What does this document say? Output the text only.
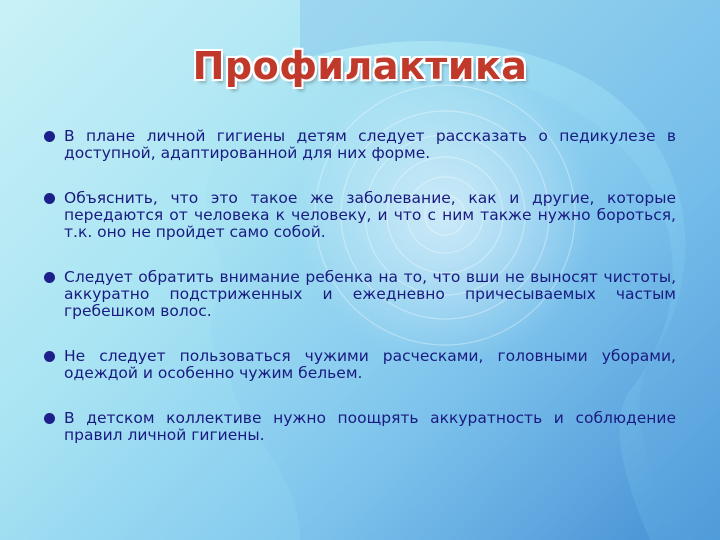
Профилактика
В плане личной гигиены детям следует рассказать о педикулезе в доступной, адаптированной для них форме.
Объяснить, что это такое же заболевание, как и другие, которые передаются от человека к человеку, и что с ним также нужно бороться, т.к. оно не пройдет само собой.
Следует обратить внимание ребенка на то, что вши не выносят чистоты, аккуратно подстриженных и ежедневно причесываемых частым гребешком волос.
Не следует пользоваться чужими расческами, головными уборами, одеждой и особенно чужим бельем.
В детском коллективе нужно поощрять аккуратность и соблюдение правил личной гигиены.
